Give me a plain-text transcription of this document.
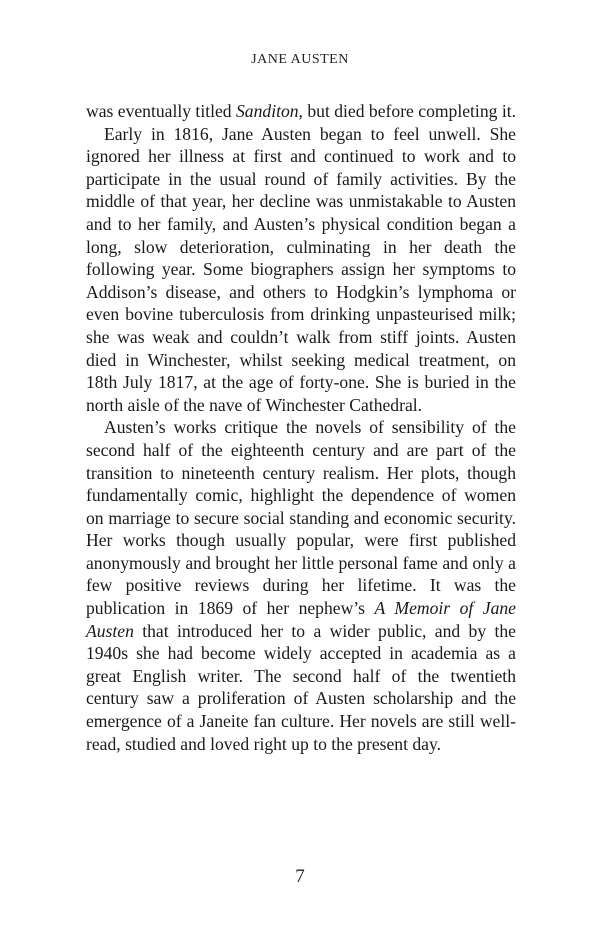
JANE AUSTEN

was eventually titled Sanditon, but died before completing it.

Early in 1816, Jane Austen began to feel unwell. She ignored her illness at first and continued to work and to participate in the usual round of family activities. By the middle of that year, her decline was unmistakable to Austen and to her family, and Austen’s physical condition began a long, slow deterioration, culminating in her death the following year. Some biographers assign her symptoms to Addison’s disease, and others to Hodgkin’s lymphoma or even bovine tuberculosis from drinking unpasteurised milk; she was weak and couldn’t walk from stiff joints. Austen died in Winchester, whilst seeking medical treatment, on 18th July 1817, at the age of forty-one. She is buried in the north aisle of the nave of Winchester Cathedral.

Austen’s works critique the novels of sensibility of the second half of the eighteenth century and are part of the transition to nineteenth century realism. Her plots, though fundamentally comic, highlight the dependence of women on marriage to secure social standing and economic security. Her works though usually popular, were first published anonymously and brought her little personal fame and only a few positive reviews during her lifetime. It was the publication in 1869 of her nephew’s A Memoir of Jane Austen that introduced her to a wider public, and by the 1940s she had become widely accepted in academia as a great English writer. The second half of the twentieth century saw a proliferation of Austen scholarship and the emergence of a Janeite fan culture. Her novels are still well-read, studied and loved right up to the present day.

7
